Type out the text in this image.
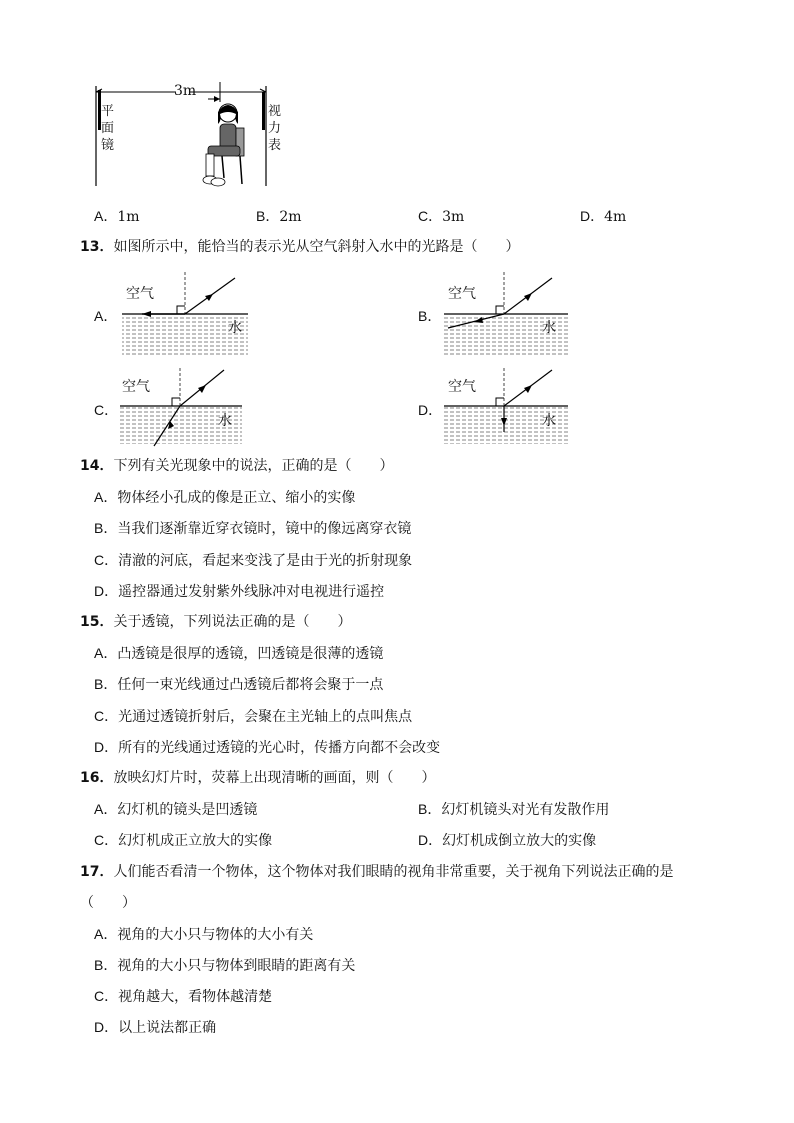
3m
平面镜
视力表
A．1m	B．2m	C．3m	D．4m
13．如图所示中，能恰当的表示光从空气斜射入水中的光路是（　　）
A．	B．
C．	D．
空气
水
空气
水
空气
水
空气
水
14．下列有关光现象中的说法，正确的是（　　）
A．物体经小孔成的像是正立、缩小的实像
B．当我们逐渐靠近穿衣镜时，镜中的像远离穿衣镜
C．清澈的河底，看起来变浅了是由于光的折射现象
D．遥控器通过发射紫外线脉冲对电视进行遥控
15．关于透镜，下列说法正确的是（　　）
A．凸透镜是很厚的透镜，凹透镜是很薄的透镜
B．任何一束光线通过凸透镜后都将会聚于一点
C．光通过透镜折射后，会聚在主光轴上的点叫焦点
D．所有的光线通过透镜的光心时，传播方向都不会改变
16．放映幻灯片时，荧幕上出现清晰的画面，则（　　）
A．幻灯机的镜头是凹透镜	B．幻灯机镜头对光有发散作用
C．幻灯机成正立放大的实像	D．幻灯机成倒立放大的实像
17．人们能否看清一个物体，这个物体对我们眼睛的视角非常重要，关于视角下列说法正确的是
（　　）
A．视角的大小只与物体的大小有关
B．视角的大小只与物体到眼睛的距离有关
C．视角越大，看物体越清楚
D．以上说法都正确
